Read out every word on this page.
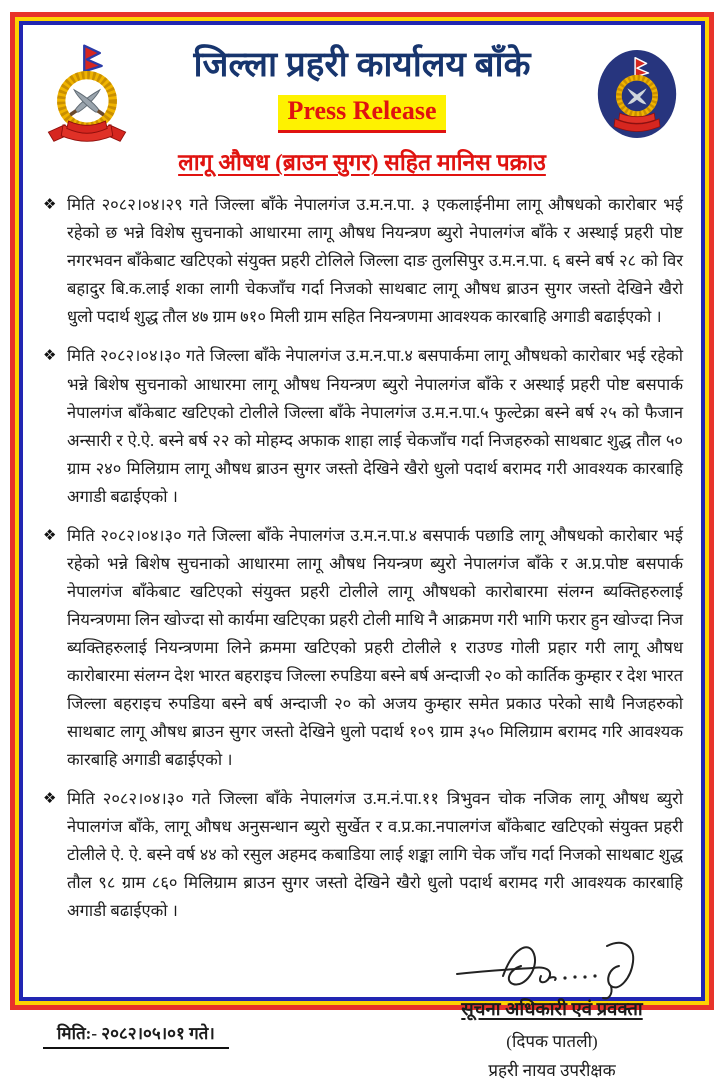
जिल्ला प्रहरी कार्यालय बाँके
Press Release
लागू औषध (ब्राउन सुगर) सहित मानिस पक्राउ

❖ मिति २०८२।०४।२९ गते जिल्ला बाँके नेपालगंज उ.म.न.पा. ३ एकलाईनीमा लागू औषधको कारोबार भई रहेको छ भन्ने विशेष सुचनाको आधारमा लागू औषध नियन्त्रण ब्युरो नेपालगंज बाँके र अस्थाई प्रहरी पोष्ट नगरभवन बाँकेबाट खटिएको संयुक्त प्रहरी टोलिले जिल्ला दाङ तुलसिपुर उ.म.न.पा. ६ बस्ने बर्ष २८ को विर बहादुर बि.क.लाई शका लागी चेकजाँच गर्दा निजको साथबाट लागू औषध ब्राउन सुगर जस्तो देखिने खैरो धुलो पदार्थ शुद्ध तौल ४७ ग्राम ७१० मिली ग्राम सहित नियन्त्रणमा आवश्यक कारबाहि अगाडी बढाईएको ।

❖ मिति २०८२।०४।३० गते जिल्ला बाँके नेपालगंज उ.म.न.पा.४ बसपार्कमा लागू औषधको कारोबार भई रहेको भन्ने बिशेष सुचनाको आधारमा लागू औषध नियन्त्रण ब्युरो नेपालगंज बाँके र अस्थाई प्रहरी पोष्ट बसपार्क नेपालगंज बाँकेबाट खटिएको टोलीले जिल्ला बाँके नेपालगंज उ.म.न.पा.५ फुल्टेक्रा बस्ने बर्ष २५ को फैजान अन्सारी र ऐ.ऐ. बस्ने बर्ष २२ को मोहम्द अफाक शाहा लाई चेकजाँच गर्दा निजहरुको साथबाट शुद्ध तौल ५० ग्राम २४० मिलिग्राम लागू औषध ब्राउन सुगर जस्तो देखिने खैरो धुलो पदार्थ बरामद गरी आवश्यक कारबाहि अगाडी बढाईएको ।

❖ मिति २०८२।०४।३० गते जिल्ला बाँके नेपालगंज उ.म.न.पा.४ बसपार्क पछाडि लागू औषधको कारोबार भई रहेको भन्ने बिशेष सुचनाको आधारमा लागू औषध नियन्त्रण ब्युरो नेपालगंज बाँके र अ.प्र.पोष्ट बसपार्क नेपालगंज बाँकेबाट खटिएको संयुक्त प्रहरी टोलीले लागू औषधको कारोबारमा संलग्न ब्यक्तिहरुलाई नियन्त्रणमा लिन खोज्दा सो कार्यमा खटिएका प्रहरी टोली माथि नै आक्रमण गरी भागि फरार हुन खोज्दा निज ब्यक्तिहरुलाई नियन्त्रणमा लिने क्रममा खटिएको प्रहरी टोलीले १ राउण्ड गोली प्रहार गरी लागू औषध कारोबारमा संलग्न देश भारत बहराइच जिल्ला रुपडिया बस्ने बर्ष अन्दाजी २० को कार्तिक कुम्हार र देश भारत जिल्ला बहराइच रुपडिया बस्ने बर्ष अन्दाजी २० को अजय कुम्हार समेत प्रकाउ परेको साथै निजहरुको साथबाट लागू औषध ब्राउन सुगर जस्तो देखिने धुलो पदार्थ १०९ ग्राम ३५० मिलिग्राम बरामद गरि आवश्यक कारबाहि अगाडी बढाईएको ।

❖ मिति २०८२।०४।३० गते जिल्ला बाँके नेपालगंज उ.म.नं.पा.११ त्रिभुवन चोक नजिक लागू औषध ब्युरो नेपालगंज बाँके, लागू औषध अनुसन्धान ब्युरो सुर्खेत र व.प्र.का.नपालगंज बाँकेबाट खटिएको संयुक्त प्रहरी टोलीले ऐ. ऐ. बस्ने वर्ष ४४ को रसुल अहमद कबाडिया लाई शङ्का लागि चेक जाँच गर्दा निजको साथबाट शुद्ध तौल ९८ ग्राम ८६० मिलिग्राम ब्राउन सुगर जस्तो देखिने खैरो धुलो पदार्थ बरामद गरी आवश्यक कारबाहि अगाडी बढाईएको ।

मिति:- २०८२।०५।०१ गते।
सूचना अधिकारी एवं प्रवक्ता
(दिपक पातली)
प्रहरी नायव उपरीक्षक
